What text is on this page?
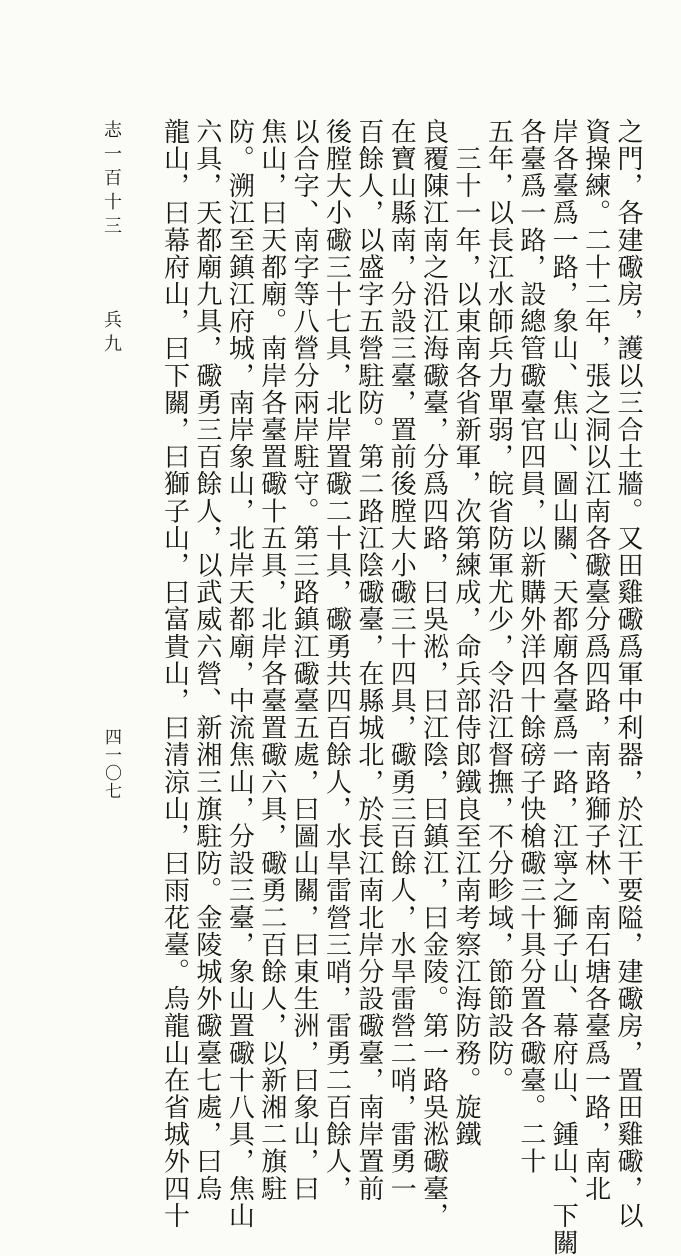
之門，各建礮房，護以三合土牆。又田雞礮爲軍中利器，於江干要隘，建礮房，置田雞礮，以
資操練。二十二年，張之洞以江南各礮臺分爲四路，南路獅子林、南石塘各臺爲一路，南北
岸各臺爲一路，象山、焦山、圖山關、天都廟各臺爲一路，江寧之獅子山、幕府山、鍾山、下關
各臺爲一路，設總管礮臺官四員，以新購外洋四十餘磅子快槍礮三十具分置各礮臺。二十
五年，以長江水師兵力單弱，皖省防軍尤少，令沿江督撫，不分畛域，節節設防。
　三十一年，以東南各省新軍，次第練成，命兵部侍郎鐵良至江南考察江海防務。旋鐵
良覆陳江南之沿江海礮臺，分爲四路，曰吳淞，曰江陰，曰鎮江，曰金陵。第一路吳淞礮臺，
在寶山縣南，分設三臺，置前後膛大小礮三十四具，礮勇三百餘人，水旱雷營二哨，雷勇一
百餘人，以盛字五營駐防。第二路江陰礮臺，在縣城北，於長江南北岸分設礮臺，南岸置前
後膛大小礮三十七具，北岸置礮二十具，礮勇共四百餘人，水旱雷營三哨，雷勇二百餘人，
以合字、南字等八營分兩岸駐守。第三路鎮江礮臺五處，曰圖山關，曰東生洲，曰象山，曰
焦山，曰天都廟。南岸各臺置礮十五具，北岸各臺置礮六具，礮勇二百餘人，以新湘二旗駐
防。溯江至鎮江府城，南岸象山，北岸天都廟，中流焦山，分設三臺，象山置礮十八具，焦山
六具，天都廟九具，礮勇三百餘人，以武威六營、新湘三旗駐防。金陵城外礮臺七處，曰烏
龍山，曰幕府山，曰下關，曰獅子山，曰富貴山，曰清涼山，曰雨花臺。烏龍山在省城外四十
志一百十三
兵九
四一〇七
